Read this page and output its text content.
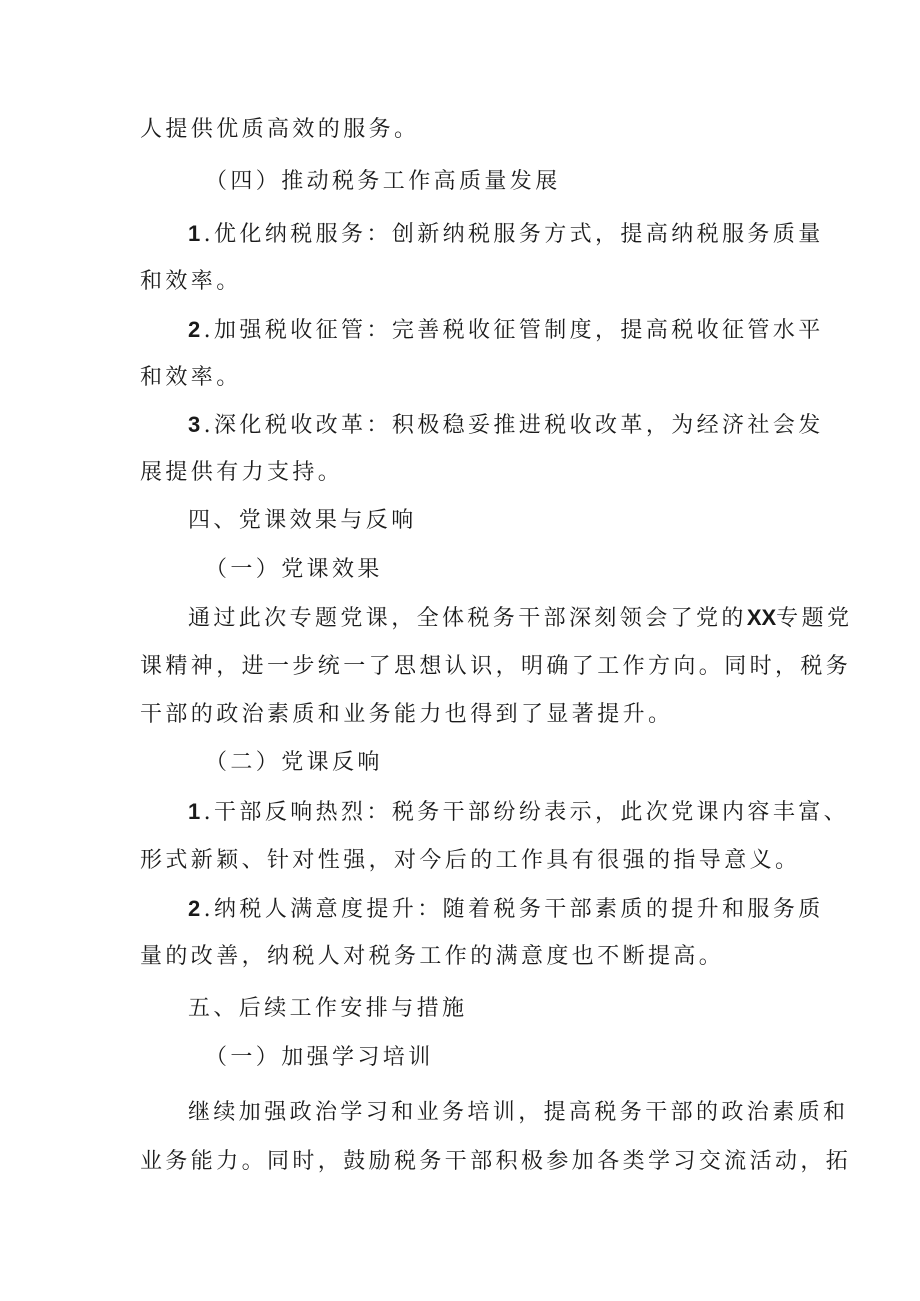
人提供优质高效的服务。
（四）推动税务工作高质量发展
1.优化纳税服务：创新纳税服务方式，提高纳税服务质量
和效率。
2.加强税收征管：完善税收征管制度，提高税收征管水平
和效率。
3.深化税收改革：积极稳妥推进税收改革，为经济社会发
展提供有力支持。
四、党课效果与反响
（一）党课效果
通过此次专题党课，全体税务干部深刻领会了党的XX专题党
课精神，进一步统一了思想认识，明确了工作方向。同时，税务
干部的政治素质和业务能力也得到了显著提升。
（二）党课反响
1.干部反响热烈：税务干部纷纷表示，此次党课内容丰富、
形式新颖、针对性强，对今后的工作具有很强的指导意义。
2.纳税人满意度提升：随着税务干部素质的提升和服务质
量的改善，纳税人对税务工作的满意度也不断提高。
五、后续工作安排与措施
（一）加强学习培训
继续加强政治学习和业务培训，提高税务干部的政治素质和
业务能力。同时，鼓励税务干部积极参加各类学习交流活动，拓
